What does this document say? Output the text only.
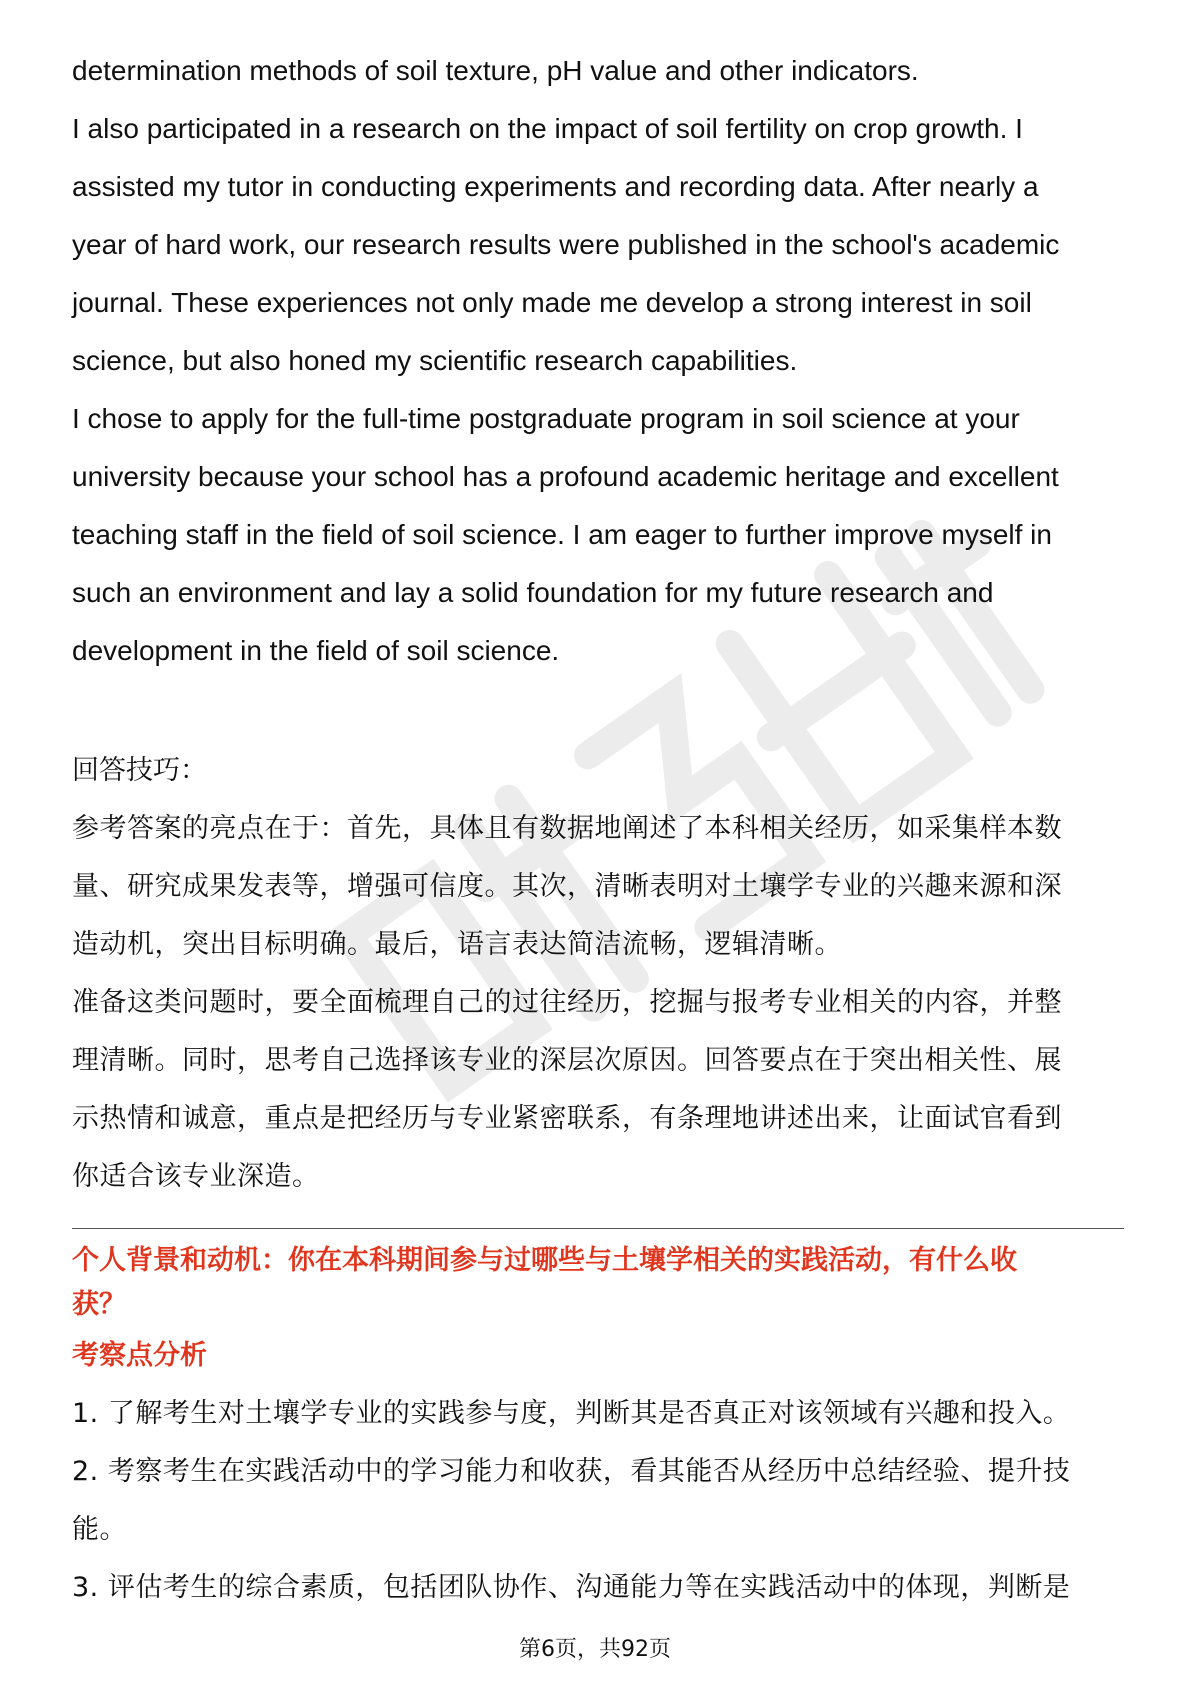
determination methods of soil texture, pH value and other indicators.

I also participated in a research on the impact of soil fertility on crop growth. I

assisted my tutor in conducting experiments and recording data. After nearly a

year of hard work, our research results were published in the school's academic

journal. These experiences not only made me develop a strong interest in soil

science, but also honed my scientific research capabilities.

I chose to apply for the full-time postgraduate program in soil science at your

university because your school has a profound academic heritage and excellent

teaching staff in the field of soil science. I am eager to further improve myself in

such an environment and lay a solid foundation for my future research and

development in the field of soil science.

回答技巧：

参考答案的亮点在于：首先，具体且有数据地阐述了本科相关经历，如采集样本数

量、研究成果发表等，增强可信度。其次，清晰表明对土壤学专业的兴趣来源和深

造动机，突出目标明确。最后，语言表达简洁流畅，逻辑清晰。

准备这类问题时，要全面梳理自己的过往经历，挖掘与报考专业相关的内容，并整

理清晰。同时，思考自己选择该专业的深层次原因。回答要点在于突出相关性、展

示热情和诚意，重点是把经历与专业紧密联系，有条理地讲述出来，让面试官看到

你适合该专业深造。

个人背景和动机：你在本科期间参与过哪些与土壤学相关的实践活动，有什么收

获？

考察点分析

1. 了解考生对土壤学专业的实践参与度，判断其是否真正对该领域有兴趣和投入。

2. 考察考生在实践活动中的学习能力和收获，看其能否从经历中总结经验、提升技

能。

3. 评估考生的综合素质，包括团队协作、沟通能力等在实践活动中的体现，判断是

第6页，共92页
